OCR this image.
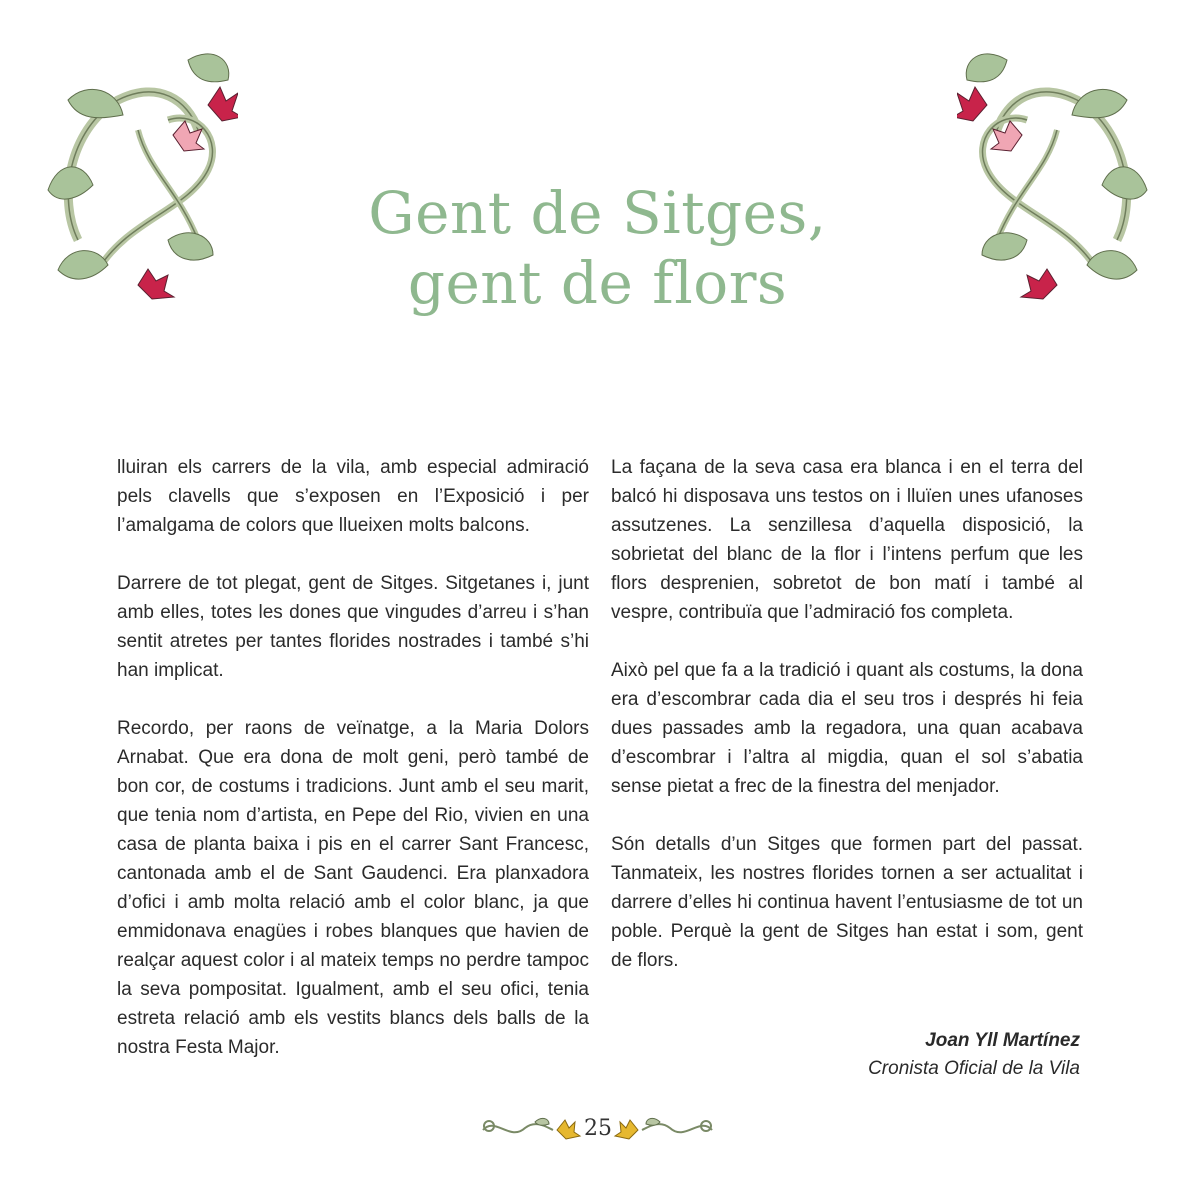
Gent de Sitges,
gent de flors

lluiran els carrers de la vila, amb especial admiració pels clavells que s’exposen en l’Exposició i per l’amalgama de colors que llueixen molts balcons.

Darrere de tot plegat, gent de Sitges. Sitgetanes i, junt amb elles, totes les dones que vingudes d’arreu i s’han sentit atretes per tantes florides nostrades i també s’hi han implicat.

Recordo, per raons de veïnatge, a la Maria Dolors Arnabat. Que era dona de molt geni, però també de bon cor, de costums i tradicions. Junt amb el seu marit, que tenia nom d’artista, en Pepe del Rio, vivien en una casa de planta baixa i pis en el carrer Sant Francesc, cantonada amb el de Sant Gaudenci. Era planxadora d’ofici i amb molta relació amb el color blanc, ja que emmidonava enagües i robes blanques que havien de realçar aquest color i al mateix temps no perdre tampoc la seva pompositat. Igualment, amb el seu ofici, tenia estreta relació amb els vestits blancs dels balls de la nostra Festa Major.

La façana de la seva casa era blanca i en el terra del balcó hi disposava uns testos on i lluïen unes ufanoses assutzenes. La senzillesa d’aquella disposició, la sobrietat del blanc de la flor i l’intens perfum que les flors desprenien, sobretot de bon matí i també al vespre, contribuïa que l’admiració fos completa.

Això pel que fa a la tradició i quant als costums, la dona era d’escombrar cada dia el seu tros i després hi feia dues passades amb la regadora, una quan acabava d’escombrar i l’altra al migdia, quan el sol s’abatia sense pietat a frec de la finestra del menjador.

Són detalls d’un Sitges que formen part del passat. Tanmateix, les nostres florides tornen a ser actualitat i darrere d’elles hi continua havent l’entusiasme de tot un poble. Perquè la gent de Sitges han estat i som, gent de flors.

Joan Yll Martínez
Cronista Oficial de la Vila
25
